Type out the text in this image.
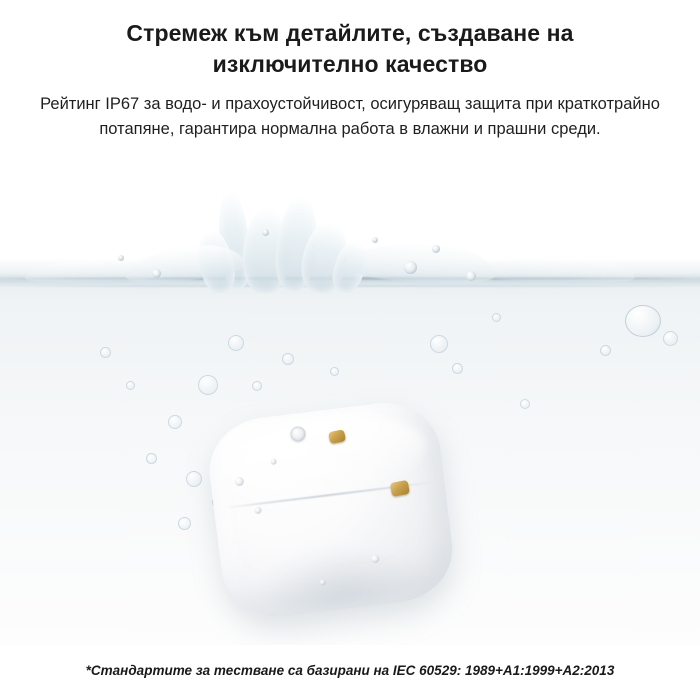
Стремеж към детайлите, създаване на изключително качество

Рейтинг IP67 за водо- и прахоустойчивост, осигуряващ защита при краткотрайно потапяне, гарантира нормална работа в влажни и прашни среди.

*Стандартите за тестване са базирани на IEC 60529: 1989+A1:1999+A2:2013
